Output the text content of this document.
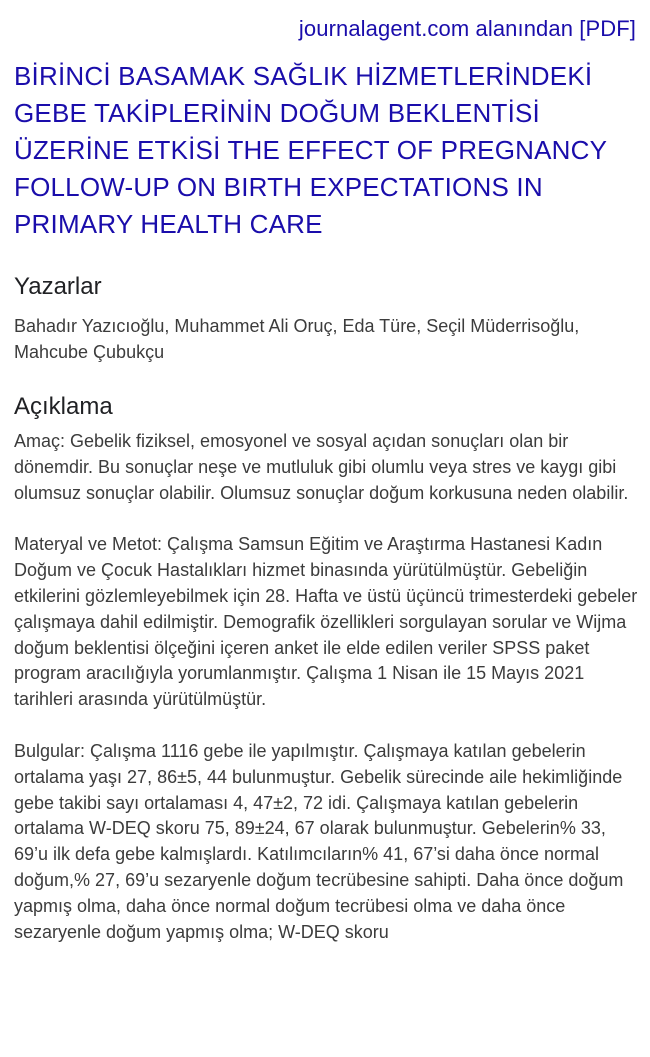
journalagent.com alanından [PDF]
BİRİNCİ BASAMAK SAĞLIK HİZMETLERİNDEKİ GEBE TAKİPLERİNİN DOĞUM BEKLENTİSİ ÜZERİNE ETKİSİ THE EFFECT OF PREGNANCY FOLLOW-UP ON BIRTH EXPECTATIONS IN PRIMARY HEALTH CARE
Yazarlar

Bahadır Yazıcıoğlu, Muhammet Ali Oruç, Eda Türe, Seçil Müderrisoğlu, Mahcube Çubukçu

Açıklama

Amaç: Gebelik fiziksel, emosyonel ve sosyal açıdan sonuçları olan bir dönemdir. Bu sonuçlar neşe ve mutluluk gibi olumlu veya stres ve kaygı gibi olumsuz sonuçlar olabilir. Olumsuz sonuçlar doğum korkusuna neden olabilir.

Materyal ve Metot: Çalışma Samsun Eğitim ve Araştırma Hastanesi Kadın Doğum ve Çocuk Hastalıkları hizmet binasında yürütülmüştür. Gebeliğin etkilerini gözlemleyebilmek için 28. Hafta ve üstü üçüncü trimesterdeki gebeler çalışmaya dahil edilmiştir. Demografik özellikleri sorgulayan sorular ve Wijma doğum beklentisi ölçeğini içeren anket ile elde edilen veriler SPSS paket program aracılığıyla yorumlanmıştır. Çalışma 1 Nisan ile 15 Mayıs 2021 tarihleri arasında yürütülmüştür.

Bulgular: Çalışma 1116 gebe ile yapılmıştır. Çalışmaya katılan gebelerin ortalama yaşı 27, 86±5, 44 bulunmuştur. Gebelik sürecinde aile hekimliğinde gebe takibi sayı ortalaması 4, 47±2, 72 idi. Çalışmaya katılan gebelerin ortalama W-DEQ skoru 75, 89±24, 67 olarak bulunmuştur. Gebelerin% 33, 69’u ilk defa gebe kalmışlardı. Katılımcıların% 41, 67’si daha önce normal doğum,% 27, 69’u sezaryenle doğum tecrübesine sahipti. Daha önce doğum yapmış olma, daha önce normal doğum tecrübesi olma ve daha önce sezaryenle doğum yapmış olma; W-DEQ skoru
